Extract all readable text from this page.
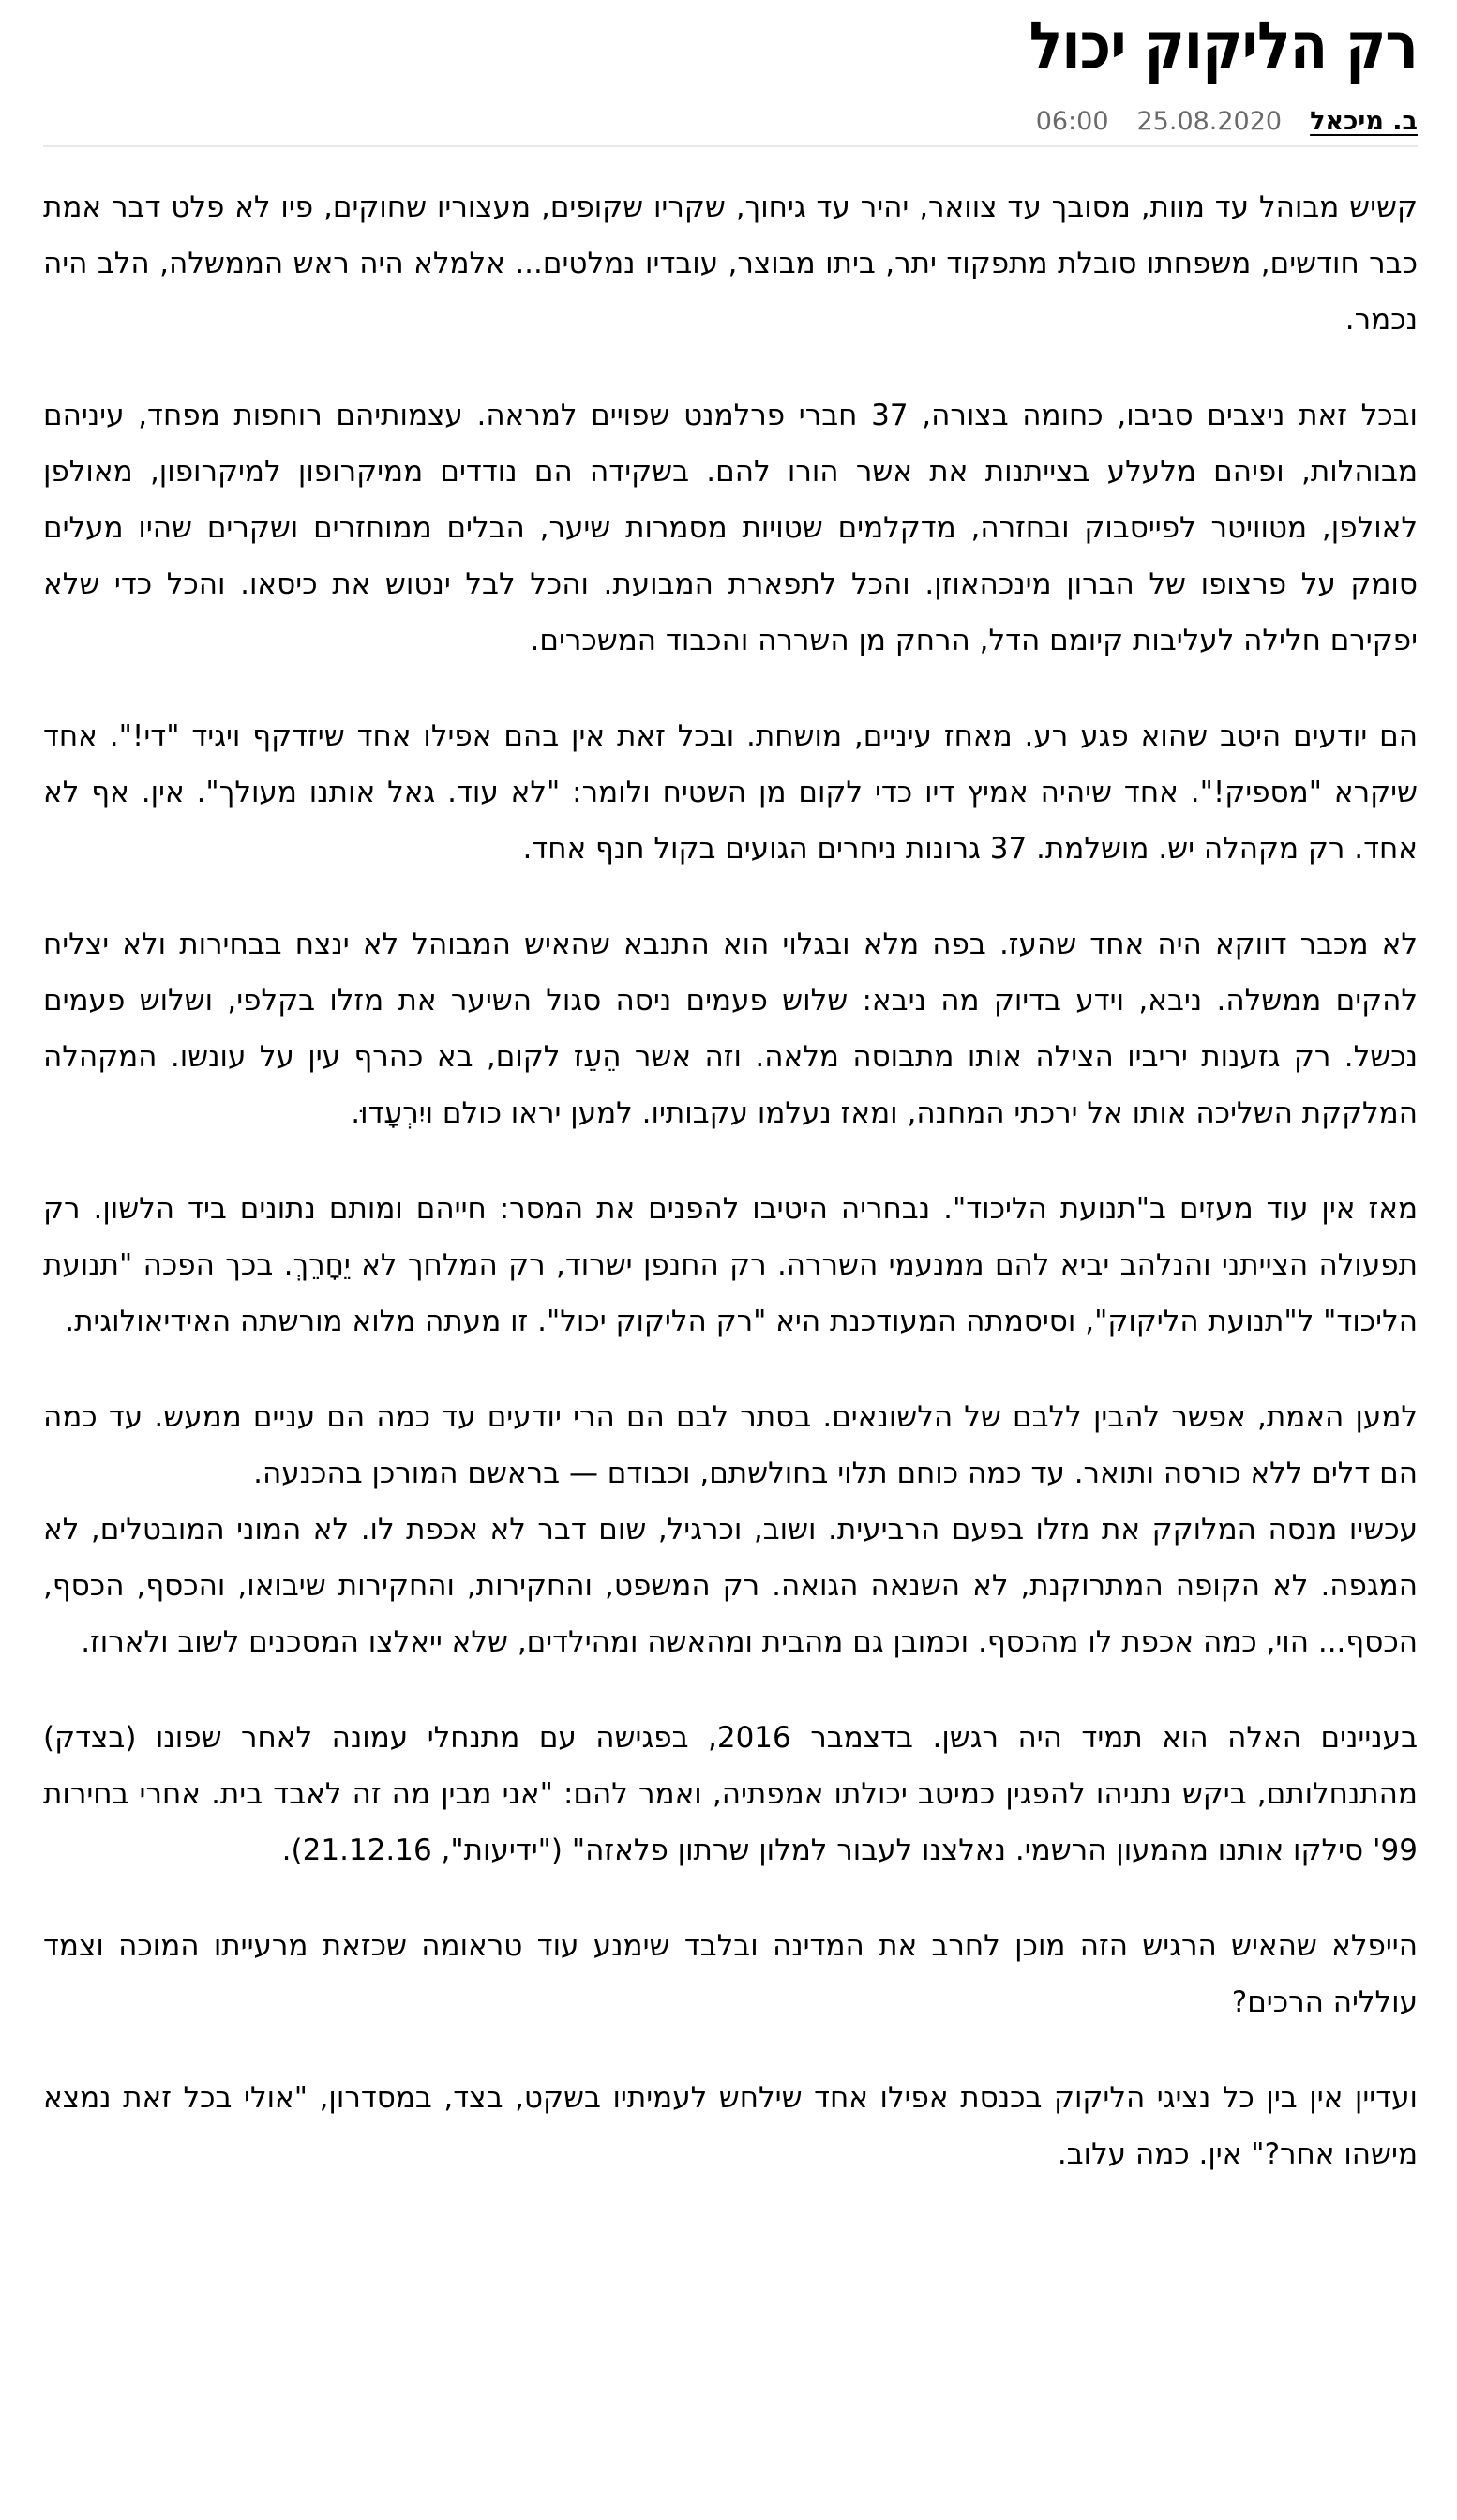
רק הליקוק יכול
ב. מיכאל
25.08.2020
06:00

קשיש מבוהל עד מוות, מסובך עד צוואר, יהיר עד גיחוך, שקריו שקופים, מעצוריו שחוקים, פיו לא פלט דבר אמת כבר חודשים, משפחתו סובלת מתפקוד יתר, ביתו מבוצר, עובדיו נמלטים... אלמלא היה ראש הממשלה, הלב היה נכמר.

ובכל זאת ניצבים סביבו, כחומה בצורה, 37 חברי פרלמנט שפויים למראה. עצמותיהם רוחפות מפחד, עיניהם מבוהלות, ופיהם מלעלע בצייתנות את אשר הורו להם. בשקידה הם נודדים ממיקרופון למיקרופון, מאולפן לאולפן, מטוויטר לפייסבוק ובחזרה, מדקלמים שטויות מסמרות שיער, הבלים ממוחזרים ושקרים שהיו מעלים סומק על פרצופו של הברון מינכהאוזן. והכל לתפארת המבועת. והכל לבל ינטוש את כיסאו. והכל כדי שלא יפקירם חלילה לעליבות קיומם הדל, הרחק מן השררה והכבוד המשכרים.

הם יודעים היטב שהוא פגע רע. מאחז עיניים, מושחת. ובכל זאת אין בהם אפילו אחד שיזדקף ויגיד "די!". אחד שיקרא "מספיק!". אחד שיהיה אמיץ דיו כדי לקום מן השטיח ולומר: "לא עוד. גאל אותנו מעולך". אין. אף לא אחד. רק מקהלה יש. מושלמת. 37 גרונות ניחרים הגועים בקול חנף אחד.

לא מכבר דווקא היה אחד שהעז. בפה מלא ובגלוי הוא התנבא שהאיש המבוהל לא ינצח בבחירות ולא יצליח להקים ממשלה. ניבא, וידע בדיוק מה ניבא: שלוש פעמים ניסה סגול השיער את מזלו בקלפי, ושלוש פעמים נכשל. רק גזענות יריביו הצילה אותו מתבוסה מלאה. וזה אשר הֵעֵז לקום, בא כהרף עין על עונשו. המקהלה המלקקת השליכה אותו אל ירכתי המחנה, ומאז נעלמו עקבותיו. למען יראו כולם ויִרְעָדוּ.

מאז אין עוד מעזים ב"תנועת הליכוד". נבחריה היטיבו להפנים את המסר: חייהם ומותם נתונים ביד הלשון. רק תפעולה הצייתני והנלהב יביא להם ממנעמי השררה. רק החנפן ישרוד, רק המלחך לא יֵחָרֵךְ. בכך הפכה "תנועת הליכוד" ל"תנועת הליקוק", וסיסמתה המעודכנת היא "רק הליקוק יכול". זו מעתה מלוא מורשתה האידיאולוגית.

למען האמת, אפשר להבין ללבם של הלשונאים. בסתר לבם הם הרי יודעים עד כמה הם עניים ממעש. עד כמה הם דלים ללא כורסה ותואר. עד כמה כוחם תלוי בחולשתם, וכבודם — בראשם המורכן בהכנעה.

עכשיו מנסה המלוקק את מזלו בפעם הרביעית. ושוב, וכרגיל, שום דבר לא אכפת לו. לא המוני המובטלים, לא המגפה. לא הקופה המתרוקנת, לא השנאה הגואה. רק המשפט, והחקירות, והחקירות שיבואו, והכסף, הכסף, הכסף... הוי, כמה אכפת לו מהכסף. וכמובן גם מהבית ומהאשה ומהילדים, שלא ייאלצו המסכנים לשוב ולארוז.

בעניינים האלה הוא תמיד היה רגשן. בדצמבר 2016, בפגישה עם מתנחלי עמונה לאחר שפונו (בצדק) מהתנחלותם, ביקש נתניהו להפגין כמיטב יכולתו אמפתיה, ואמר להם: "אני מבין מה זה לאבד בית. אחרי בחירות 99' סילקו אותנו מהמעון הרשמי. נאלצנו לעבור למלון שרתון פלאזה" ("ידיעות", 21.12.16).

הייפלא שהאיש הרגיש הזה מוכן לחרב את המדינה ובלבד שימנע עוד טראומה שכזאת מרעייתו המוכה וצמד עולליה הרכים?

ועדיין אין בין כל נציגי הליקוק בכנסת אפילו אחד שילחש לעמיתיו בשקט, בצד, במסדרון, "אולי בכל זאת נמצא מישהו אחר?" אין. כמה עלוב.
